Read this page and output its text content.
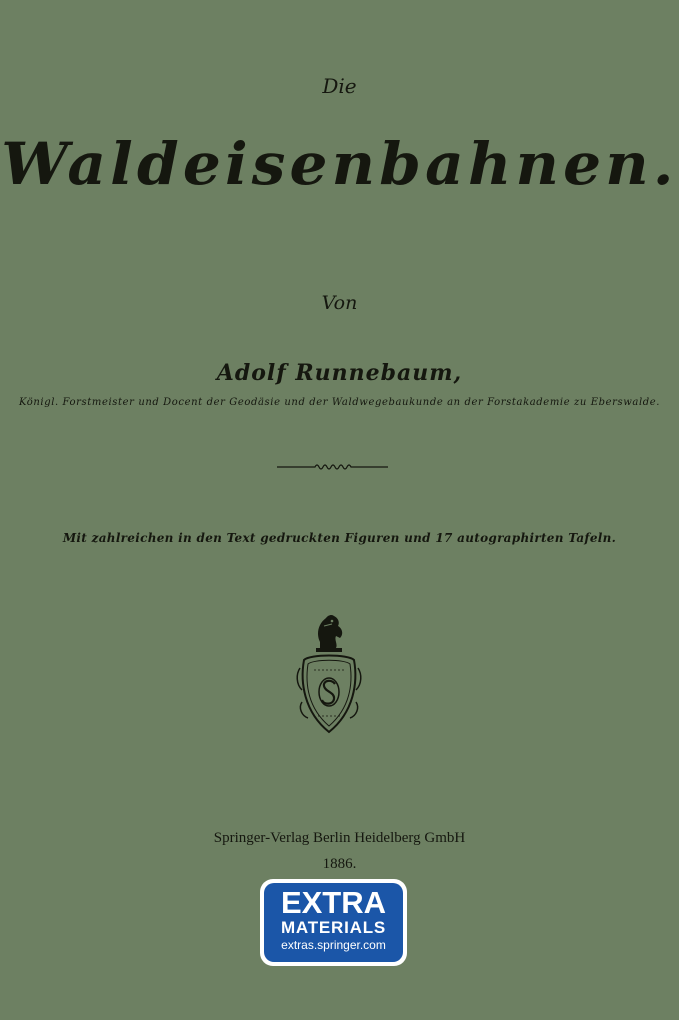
Die
Waldeisenbahnen.
Von
Adolf Runnebaum,
Königl. Forstmeister und Docent der Geodäsie und der Waldwegebaukunde an der Forstakademie zu Eberswalde.
Mit zahlreichen in den Text gedruckten Figuren und 17 autographirten Tafeln.
Springer-Verlag Berlin Heidelberg GmbH
1886.
EXTRA
MATERIALS
extras.springer.com
